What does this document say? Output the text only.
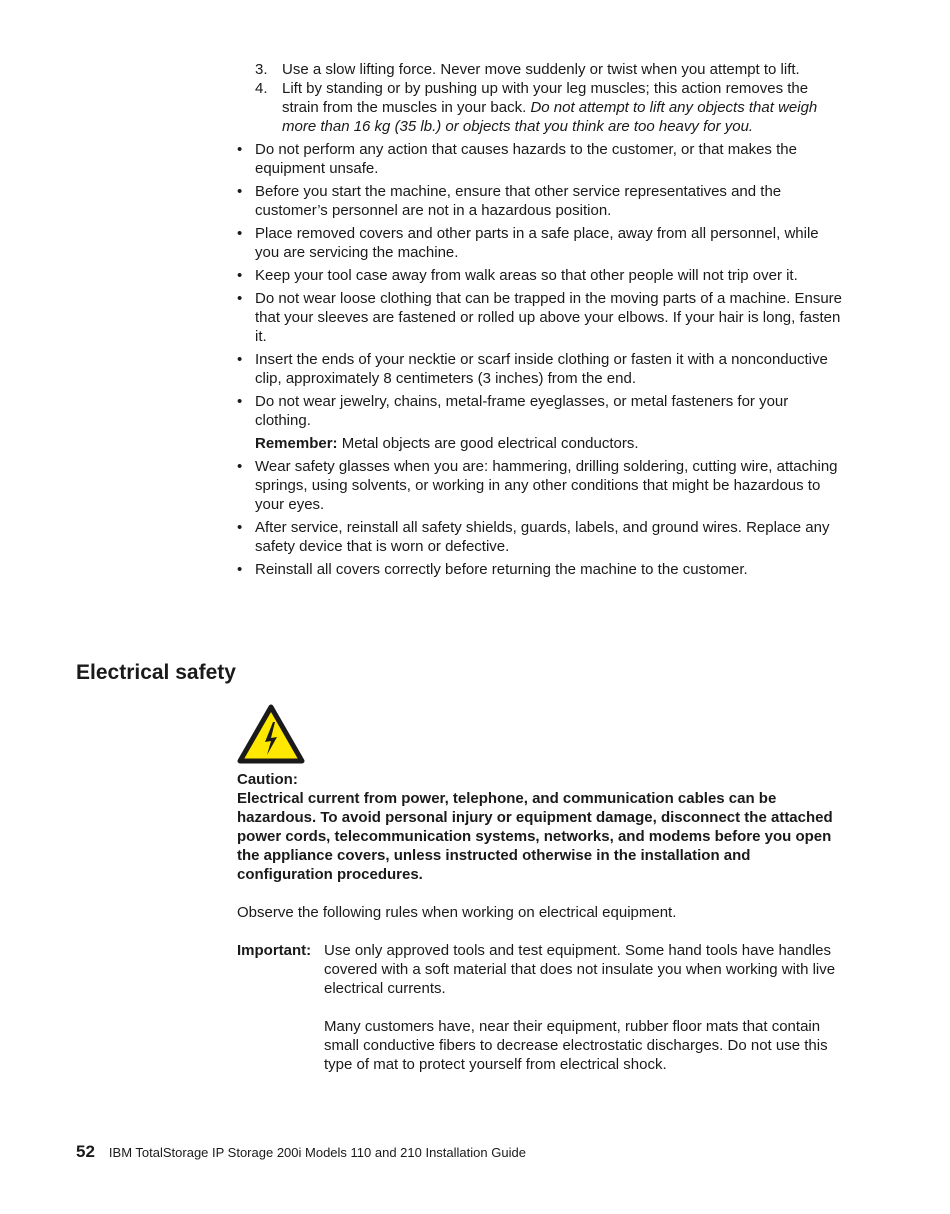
3. Use a slow lifting force. Never move suddenly or twist when you attempt to lift.
4. Lift by standing or by pushing up with your leg muscles; this action removes the strain from the muscles in your back. Do not attempt to lift any objects that weigh more than 16 kg (35 lb.) or objects that you think are too heavy for you.
• Do not perform any action that causes hazards to the customer, or that makes the equipment unsafe.
• Before you start the machine, ensure that other service representatives and the customer’s personnel are not in a hazardous position.
• Place removed covers and other parts in a safe place, away from all personnel, while you are servicing the machine.
• Keep your tool case away from walk areas so that other people will not trip over it.
• Do not wear loose clothing that can be trapped in the moving parts of a machine. Ensure that your sleeves are fastened or rolled up above your elbows. If your hair is long, fasten it.
• Insert the ends of your necktie or scarf inside clothing or fasten it with a nonconductive clip, approximately 8 centimeters (3 inches) from the end.
• Do not wear jewelry, chains, metal-frame eyeglasses, or metal fasteners for your clothing.
Remember: Metal objects are good electrical conductors.
• Wear safety glasses when you are: hammering, drilling soldering, cutting wire, attaching springs, using solvents, or working in any other conditions that might be hazardous to your eyes.
• After service, reinstall all safety shields, guards, labels, and ground wires. Replace any safety device that is worn or defective.
• Reinstall all covers correctly before returning the machine to the customer.
Electrical safety
Caution:
Electrical current from power, telephone, and communication cables can be hazardous. To avoid personal injury or equipment damage, disconnect the attached power cords, telecommunication systems, networks, and modems before you open the appliance covers, unless instructed otherwise in the installation and configuration procedures.
Observe the following rules when working on electrical equipment.
Important: Use only approved tools and test equipment. Some hand tools have handles covered with a soft material that does not insulate you when working with live electrical currents.

Many customers have, near their equipment, rubber floor mats that contain small conductive fibers to decrease electrostatic discharges. Do not use this type of mat to protect yourself from electrical shock.

52 IBM TotalStorage IP Storage 200i Models 110 and 210 Installation Guide
